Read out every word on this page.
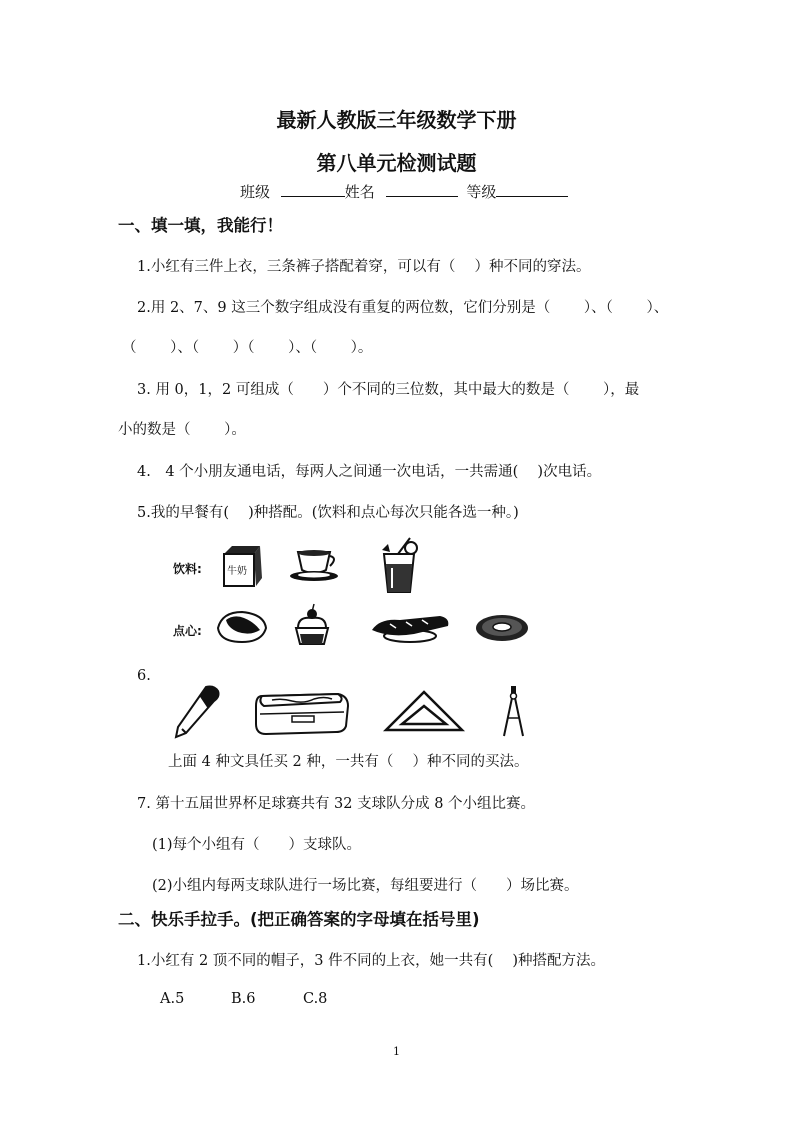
最新人教版三年级数学下册
第八单元检测试题
班级	姓名	等级
一、填一填，我能行！
1.小红有三件上衣，三条裤子搭配着穿，可以有（　 ）种不同的穿法。
2.用 2、7、9 这三个数字组成没有重复的两位数，它们分别是（　　 ）、（　　 ）、
（　　 ）、（　　 ）（　　 ）、（　　 ）。
3. 用 0，1，2 可组成（　　）个不同的三位数，其中最大的数是（　　 ），最
小的数是（　　 ）。
4.　4 个小朋友通电话，每两人之间通一次电话，一共需通(　 )次电话。
5.我的早餐有(　 )种搭配。(饮料和点心每次只能各选一种。)
饮料:	牛奶
点心:
6.
上面 4 种文具任买 2 种，一共有（　 ）种不同的买法。
7. 第十五届世界杯足球赛共有 32 支球队分成 8 个小组比赛。
(1)每个小组有（　　）支球队。
(2)小组内每两支球队进行一场比赛，每组要进行（　　）场比赛。
二、快乐手拉手。(把正确答案的字母填在括号里)
1.小红有 2 顶不同的帽子，3 件不同的上衣，她一共有(　 )种搭配方法。
A.5	B.6	C.8
1
